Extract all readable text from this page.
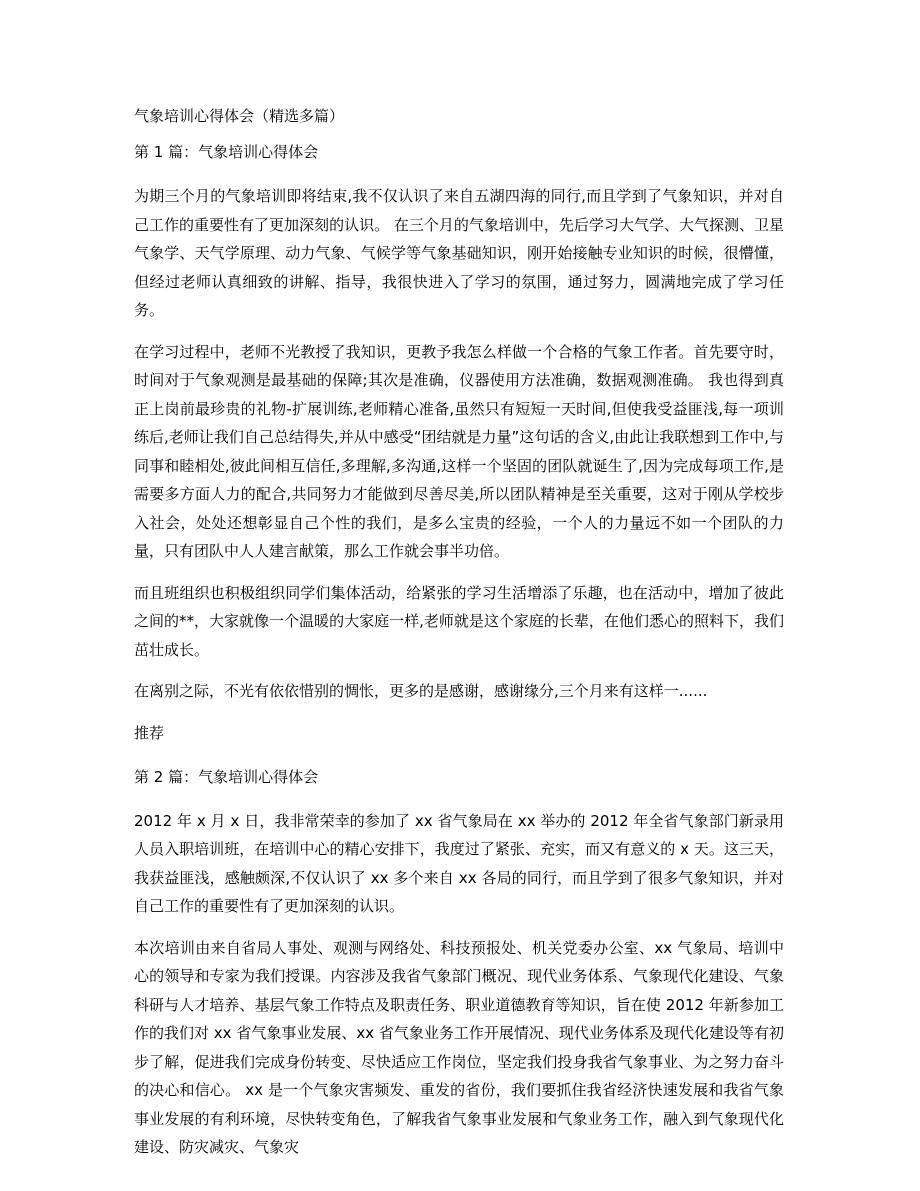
气象培训心得体会（精选多篇）
第 1 篇：气象培训心得体会

为期三个月的气象培训即将结束,我不仅认识了来自五湖四海的同行,而且学到了气象知识，并对自己工作的重要性有了更加深刻的认识。 在三个月的气象培训中，先后学习大气学、大气探测、卫星气象学、天气学原理、动力气象、气候学等气象基础知识，刚开始接触专业知识的时候，很懵懂，但经过老师认真细致的讲解、指导，我很快进入了学习的氛围，通过努力，圆满地完成了学习任务。

在学习过程中，老师不光教授了我知识，更教予我怎么样做一个合格的气象工作者。首先要守时，时间对于气象观测是最基础的保障;其次是准确，仪器使用方法准确，数据观测准确。 我也得到真正上岗前最珍贵的礼物-扩展训练,老师精心准备,虽然只有短短一天时间,但使我受益匪浅,每一项训练后,老师让我们自己总结得失,并从中感受“团结就是力量”这句话的含义,由此让我联想到工作中,与同事和睦相处,彼此间相互信任,多理解,多沟通,这样一个坚固的团队就诞生了,因为完成每项工作,是需要多方面人力的配合,共同努力才能做到尽善尽美,所以团队精神是至关重要，这对于刚从学校步入社会，处处还想彰显自己个性的我们，是多么宝贵的经验，一个人的力量远不如一个团队的力量，只有团队中人人建言献策，那么工作就会事半功倍。

而且班组织也积极组织同学们集体活动，给紧张的学习生活增添了乐趣，也在活动中，增加了彼此之间的**，大家就像一个温暖的大家庭一样,老师就是这个家庭的长辈，在他们悉心的照料下，我们茁壮成长。

在离别之际，不光有依依惜别的惆怅，更多的是感谢，感谢缘分,三个月来有这样一......

推荐
第 2 篇：气象培训心得体会

2012 年 x 月 x 日，我非常荣幸的参加了 xx 省气象局在 xx 举办的 2012 年全省气象部门新录用人员入职培训班，在培训中心的精心安排下，我度过了紧张、充实，而又有意义的 x 天。这三天，我获益匪浅，感触颇深,不仅认识了 xx 多个来自 xx 各局的同行，而且学到了很多气象知识，并对自己工作的重要性有了更加深刻的认识。

本次培训由来自省局人事处、观测与网络处、科技预报处、机关党委办公室、xx 气象局、培训中心的领导和专家为我们授课。内容涉及我省气象部门概况、现代业务体系、气象现代化建设、气象科研与人才培养、基层气象工作特点及职责任务、职业道德教育等知识，旨在使 2012 年新参加工作的我们对 xx 省气象事业发展、xx 省气象业务工作开展情况、现代业务体系及现代化建设等有初步了解，促进我们完成身份转变、尽快适应工作岗位，坚定我们投身我省气象事业、为之努力奋斗的决心和信心。 xx 是一个气象灾害频发、重发的省份，我们要抓住我省经济快速发展和我省气象事业发展的有利环境，尽快转变角色，了解我省气象事业发展和气象业务工作，融入到气象现代化建设、防灾减灾、气象灾
